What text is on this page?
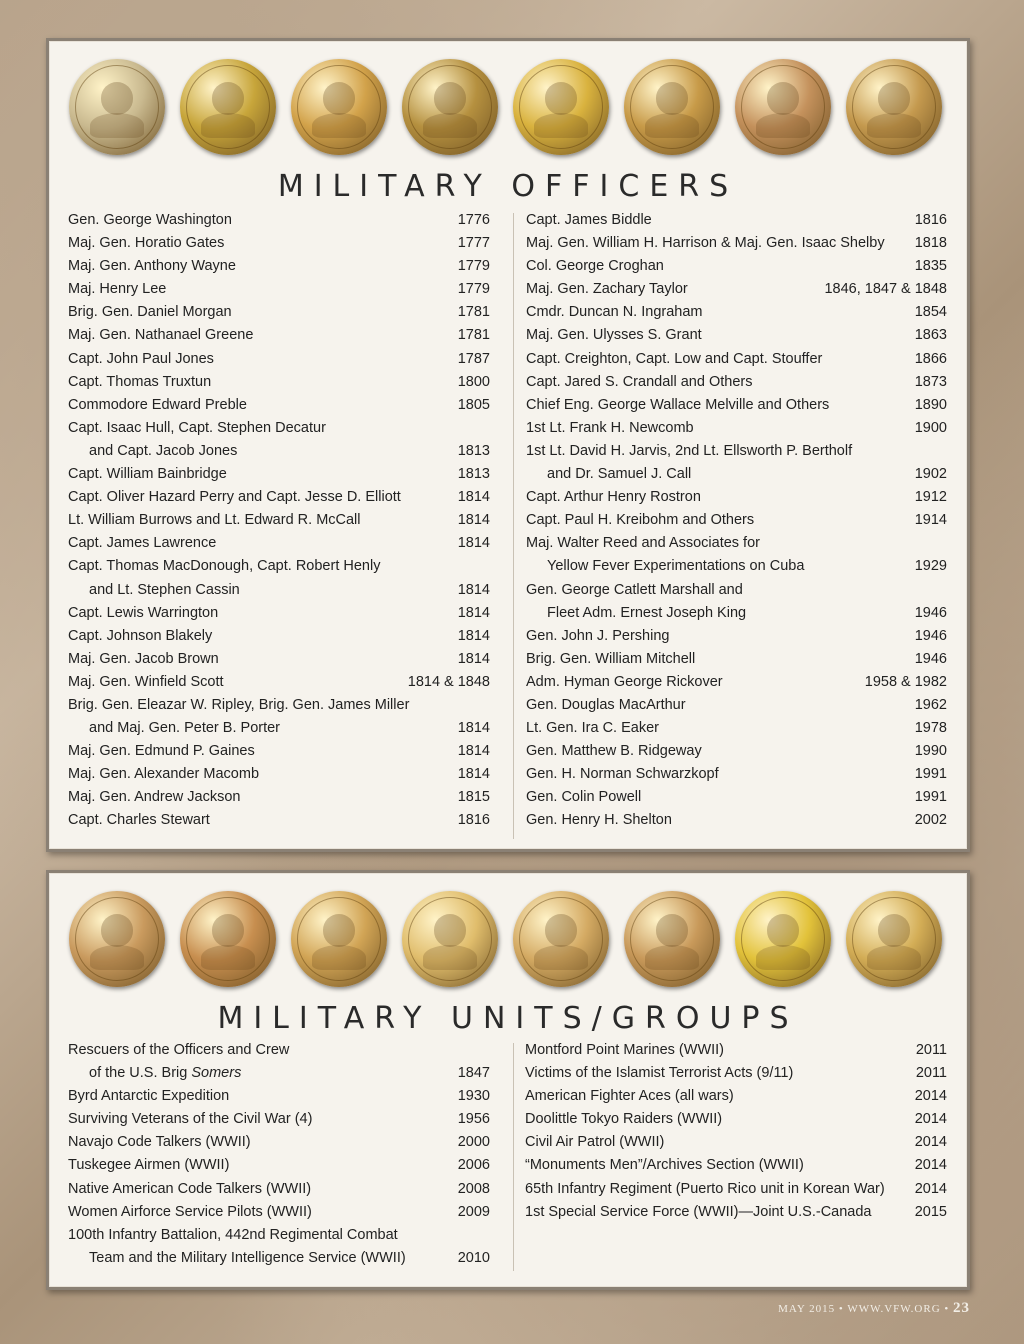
MILITARY OFFICERS
Gen. George Washington	1776
Maj. Gen. Horatio Gates	1777
Maj. Gen. Anthony Wayne	1779
Maj. Henry Lee	1779
Brig. Gen. Daniel Morgan	1781
Maj. Gen. Nathanael Greene	1781
Capt. John Paul Jones	1787
Capt. Thomas Truxtun	1800
Commodore Edward Preble	1805
Capt. Isaac Hull, Capt. Stephen Decatur
and Capt. Jacob Jones	1813
Capt. William Bainbridge	1813
Capt. Oliver Hazard Perry and Capt. Jesse D. Elliott	1814
Lt. William Burrows and Lt. Edward R. McCall	1814
Capt. James Lawrence	1814
Capt. Thomas MacDonough, Capt. Robert Henly
and Lt. Stephen Cassin	1814
Capt. Lewis Warrington	1814
Capt. Johnson Blakely	1814
Maj. Gen. Jacob Brown	1814
Maj. Gen. Winfield Scott	1814 & 1848
Brig. Gen. Eleazar W. Ripley, Brig. Gen. James Miller
and Maj. Gen. Peter B. Porter	1814
Maj. Gen. Edmund P. Gaines	1814
Maj. Gen. Alexander Macomb	1814
Maj. Gen. Andrew Jackson	1815
Capt. Charles Stewart	1816
Capt. James Biddle	1816
Maj. Gen. William H. Harrison & Maj. Gen. Isaac Shelby 1818
Col. George Croghan	1835
Maj. Gen. Zachary Taylor	1846, 1847 & 1848
Cmdr. Duncan N. Ingraham	1854
Maj. Gen. Ulysses S. Grant	1863
Capt. Creighton, Capt. Low and Capt. Stouffer	1866
Capt. Jared S. Crandall and Others	1873
Chief Eng. George Wallace Melville and Others	1890
1st Lt. Frank H. Newcomb	1900
1st Lt. David H. Jarvis, 2nd Lt. Ellsworth P. Bertholf
and Dr. Samuel J. Call	1902
Capt. Arthur Henry Rostron	1912
Capt. Paul H. Kreibohm and Others	1914
Maj. Walter Reed and Associates for
Yellow Fever Experimentations on Cuba	1929
Gen. George Catlett Marshall and
Fleet Adm. Ernest Joseph King	1946
Gen. John J. Pershing	1946
Brig. Gen. William Mitchell	1946
Adm. Hyman George Rickover	1958 & 1982
Gen. Douglas MacArthur	1962
Lt. Gen. Ira C. Eaker	1978
Gen. Matthew B. Ridgeway	1990
Gen. H. Norman Schwarzkopf	1991
Gen. Colin Powell	1991
Gen. Henry H. Shelton	2002
MILITARY UNITS/GROUPS
Rescuers of the Officers and Crew
of the U.S. Brig Somers	1847
Byrd Antarctic Expedition	1930
Surviving Veterans of the Civil War (4)	1956
Navajo Code Talkers (WWII)	2000
Tuskegee Airmen (WWII)	2006
Native American Code Talkers (WWII)	2008
Women Airforce Service Pilots (WWII)	2009
100th Infantry Battalion, 442nd Regimental Combat
Team and the Military Intelligence Service (WWII)	2010
Montford Point Marines (WWII)	2011
Victims of the Islamist Terrorist Acts (9/11)	2011
American Fighter Aces (all wars)	2014
Doolittle Tokyo Raiders (WWII)	2014
Civil Air Patrol (WWII)	2014
“Monuments Men”/Archives Section (WWII)	2014
65th Infantry Regiment (Puerto Rico unit in Korean War) 2014
1st Special Service Force (WWII)—Joint U.S.-Canada	2015
MAY 2015 • WWW.VFW.ORG • 23
